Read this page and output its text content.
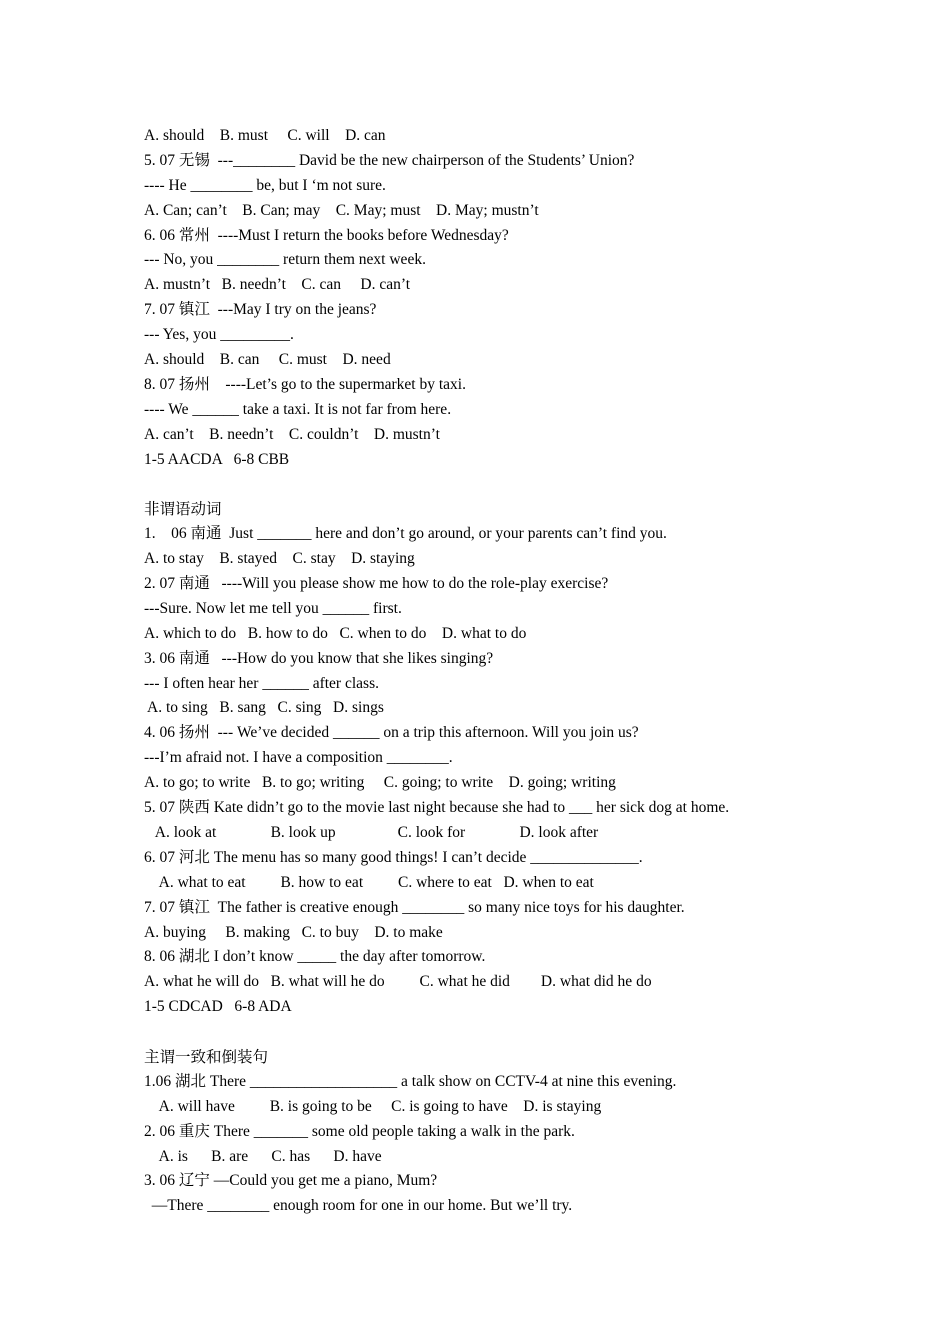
A. should    B. must     C. will    D. can
5. 07 无锡  ---________ David be the new chairperson of the Students’ Union?
---- He ________ be, but I ‘m not sure.
A. Can; can’t    B. Can; may    C. May; must    D. May; mustn’t
6. 06 常州  ----Must I return the books before Wednesday?
--- No, you ________ return them next week.
A. mustn’t   B. needn’t    C. can     D. can’t
7. 07 镇江  ---May I try on the jeans?
--- Yes, you _________.
A. should    B. can     C. must    D. need
8. 07 扬州    ----Let’s go to the supermarket by taxi.
---- We ______ take a taxi. It is not far from here.
A. can’t    B. needn’t    C. couldn’t    D. mustn’t
1-5 AACDA   6-8 CBB
非谓语动词
1.    06 南通  Just _______ here and don’t go around, or your parents can’t find you.
A. to stay    B. stayed    C. stay    D. staying
2. 07 南通   ----Will you please show me how to do the role-play exercise?
---Sure. Now let me tell you ______ first.
A. which to do   B. how to do   C. when to do    D. what to do
3. 06 南通   ---How do you know that she likes singing?
--- I often hear her ______ after class.
A. to sing   B. sang   C. sing   D. sings
4. 06 扬州  --- We’ve decided ______ on a trip this afternoon. Will you join us?
---I’m afraid not. I have a composition ________.
A. to go; to write   B. to go; writing     C. going; to write    D. going; writing
5. 07 陕西 Kate didn’t go to the movie last night because she had to ___ her sick dog at home.
A. look at              B. look up                C. look for              D. look after
6. 07 河北 The menu has so many good things! I can’t decide ______________.
A. what to eat         B. how to eat         C. where to eat   D. when to eat
7. 07 镇江  The father is creative enough ________ so many nice toys for his daughter.
A. buying     B. making   C. to buy    D. to make
8. 06 湖北 I don’t know _____ the day after tomorrow.
A. what he will do   B. what will he do         C. what he did        D. what did he do
1-5 CDCAD   6-8 ADA
主谓一致和倒装句
1.06 湖北 There ___________________ a talk show on CCTV-4 at nine this evening.
A. will have         B. is going to be     C. is going to have    D. is staying
2. 06 重庆 There _______ some old people taking a walk in the park.
A. is      B. are      C. has      D. have
3. 06 辽宁 —Could you get me a piano, Mum?
—There ________ enough room for one in our home. But we’ll try.
